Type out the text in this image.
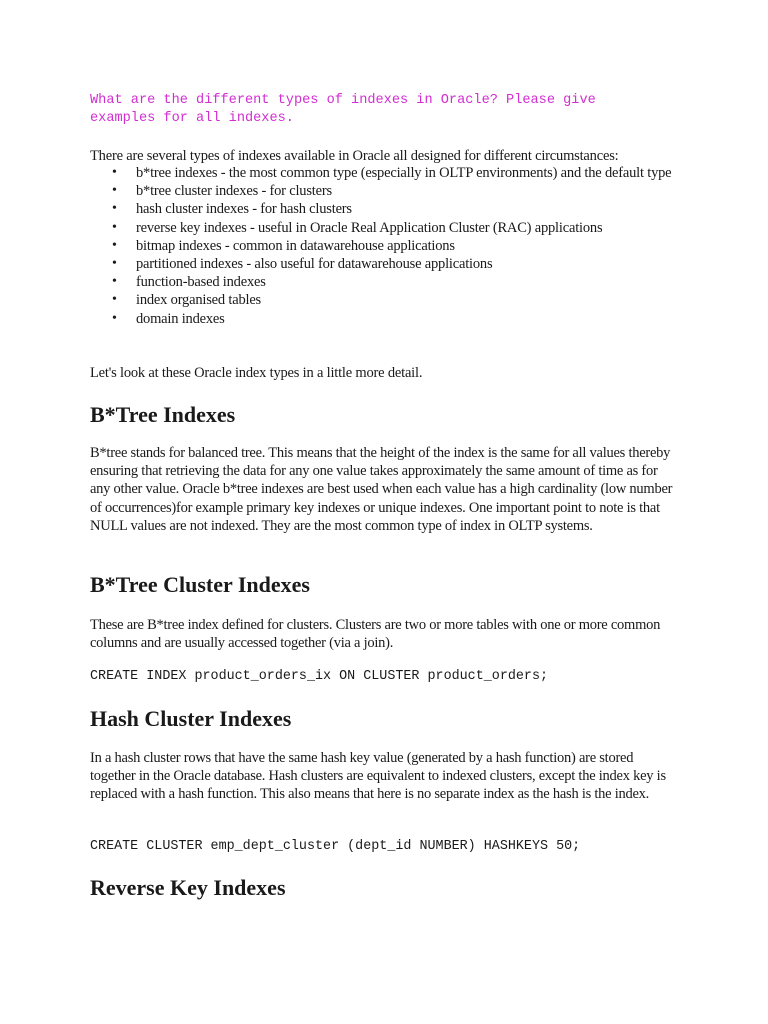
What are the different types of indexes in Oracle? Please give
examples for all indexes.

There are several types of indexes available in Oracle all designed for different circumstances:

• b*tree indexes - the most common type (especially in OLTP environments) and the default type
• b*tree cluster indexes - for clusters
• hash cluster indexes - for hash clusters
• reverse key indexes - useful in Oracle Real Application Cluster (RAC) applications
• bitmap indexes - common in datawarehouse applications
• partitioned indexes - also useful for datawarehouse applications
• function-based indexes
• index organised tables
• domain indexes

Let's look at these Oracle index types in a little more detail.

B*Tree Indexes

B*tree stands for balanced tree. This means that the height of the index is the same for all values thereby ensuring that retrieving the data for any one value takes approximately the same amount of time as for any other value. Oracle b*tree indexes are best used when each value has a high cardinality (low number of occurrences)for example primary key indexes or unique indexes. One important point to note is that NULL values are not indexed. They are the most common type of index in OLTP systems.

B*Tree Cluster Indexes

These are B*tree index defined for clusters. Clusters are two or more tables with one or more common columns and are usually accessed together (via a join).

CREATE INDEX product_orders_ix ON CLUSTER product_orders;

Hash Cluster Indexes

In a hash cluster rows that have the same hash key value (generated by a hash function) are stored together in the Oracle database. Hash clusters are equivalent to indexed clusters, except the index key is replaced with a hash function. This also means that here is no separate index as the hash is the index.

CREATE CLUSTER emp_dept_cluster (dept_id NUMBER) HASHKEYS 50;

Reverse Key Indexes
